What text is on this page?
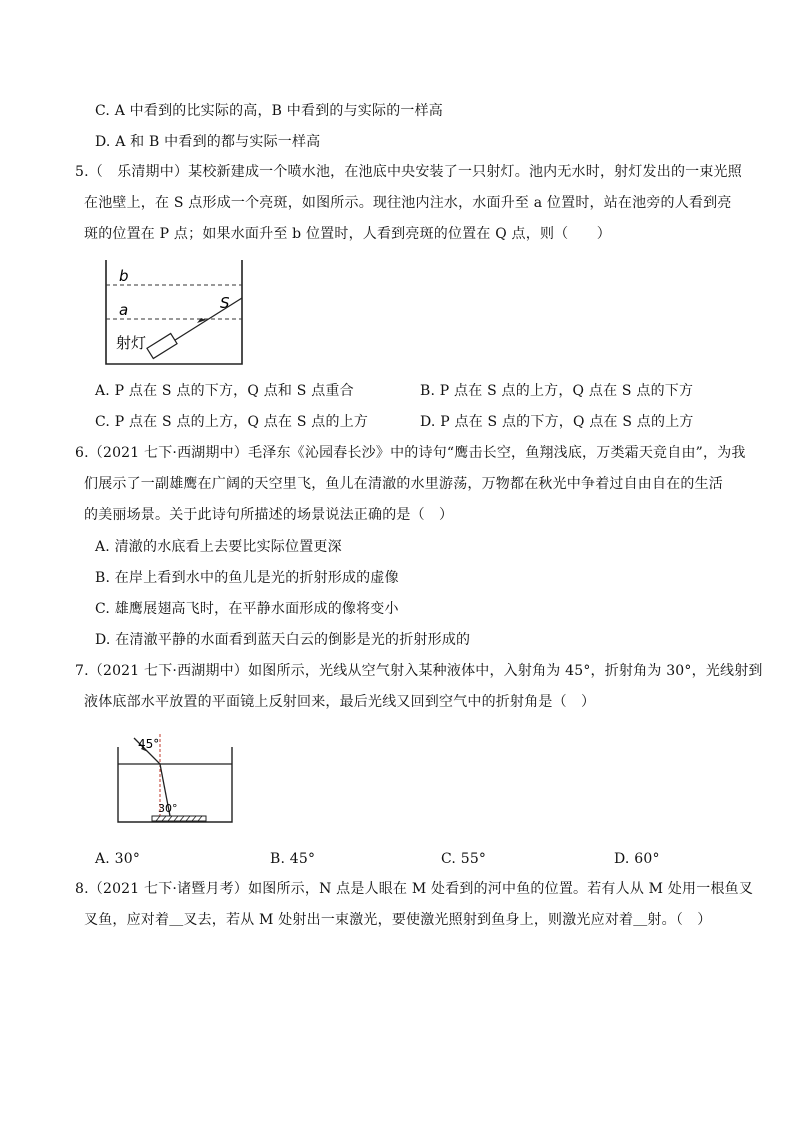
C. A 中看到的比实际的高，B 中看到的与实际的一样高
D. A 和 B 中看到的都与实际一样高
5.（　乐清期中）某校新建成一个喷水池，在池底中央安装了一只射灯。池内无水时，射灯发出的一束光照
在池壁上，在 S 点形成一个亮斑，如图所示。现往池内注水，水面升至 a 位置时，站在池旁的人看到亮
斑的位置在 P 点；如果水面升至 b 位置时，人看到亮斑的位置在 Q 点，则（　　）
b
a	S
射灯
A. P 点在 S 点的下方，Q 点和 S 点重合	B. P 点在 S 点的上方，Q 点在 S 点的下方
C. P 点在 S 点的上方，Q 点在 S 点的上方	D. P 点在 S 点的下方，Q 点在 S 点的上方
6.（2021 七下·西湖期中）毛泽东《沁园春长沙》中的诗句“鹰击长空，鱼翔浅底，万类霜天竞自由”，为我
们展示了一副雄鹰在广阔的天空里飞，鱼儿在清澈的水里游荡，万物都在秋光中争着过自由自在的生活
的美丽场景。关于此诗句所描述的场景说法正确的是（　）
A. 清澈的水底看上去要比实际位置更深
B. 在岸上看到水中的鱼儿是光的折射形成的虚像
C. 雄鹰展翅高飞时，在平静水面形成的像将变小
D. 在清澈平静的水面看到蓝天白云的倒影是光的折射形成的
7.（2021 七下·西湖期中）如图所示，光线从空气射入某种液体中，入射角为 45°，折射角为 30°，光线射到
液体底部水平放置的平面镜上反射回来，最后光线又回到空气中的折射角是（　）
45°
30°
A. 30°	B. 45°	C. 55°	D. 60°
8.（2021 七下·诸暨月考）如图所示，N 点是人眼在 M 处看到的河中鱼的位置。若有人从 M 处用一根鱼叉
叉鱼，应对着＿叉去，若从 M 处射出一束激光，要使激光照射到鱼身上，则激光应对着＿射。（　）
